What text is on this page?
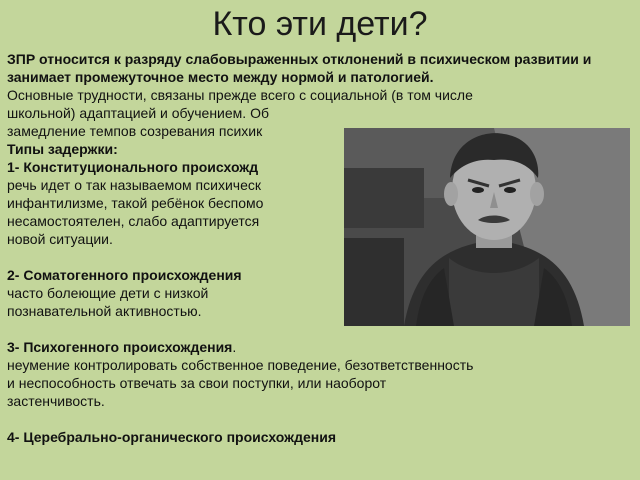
Кто эти дети?

ЗПР относится к разряду слабовыраженных отклонений в психическом развитии и занимает промежуточное место между нормой и патологией.

Основные трудности, связаны прежде всего с социальной (в том числе

школьной) адаптацией и обучением. Об

замедление темпов созревания психик

Типы задержки:

1- Конституционального происхожд

речь идет о так называемом психическ

инфантилизме, такой ребёнок беспомо

несамостоятелен, слабо адаптируется

новой ситуации.

2- Соматогенного происхождения

часто болеющие дети с низкой

познавательной активностью.

3- Психогенного происхождения.

неумение контролировать собственное поведение, безответственность

и неспособность отвечать за свои поступки, или наоборот

застенчивость.

4- Церебрально-органического происхождения
